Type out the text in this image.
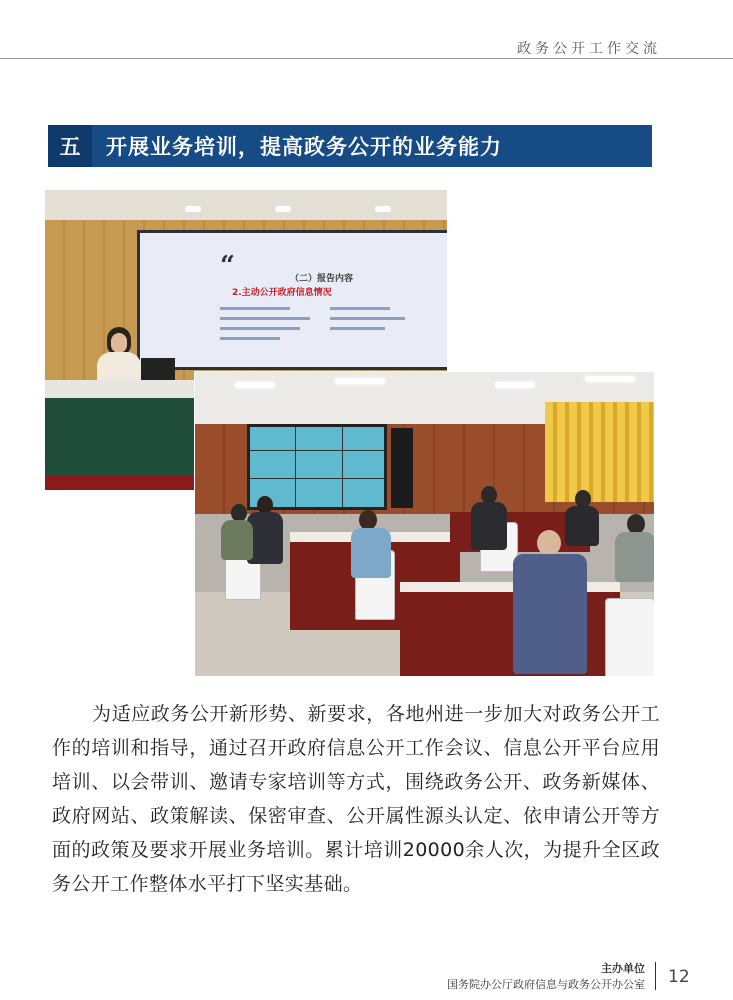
政务公开工作交流
五	开展业务培训，提高政务公开的业务能力
“	（二）报告内容
2.主动公开政府信息情况

为适应政务公开新形势、新要求，各地州进一步加大对政务公开工作的培训和指导，通过召开政府信息公开工作会议、信息公开平台应用培训、以会带训、邀请专家培训等方式，围绕政务公开、政务新媒体、政府网站、政策解读、保密审查、公开属性源头认定、依申请公开等方面的政策及要求开展业务培训。累计培训20000余人次，为提升全区政务公开工作整体水平打下坚实基础。

主办单位
国务院办公厅政府信息与政务公开办公室 12
